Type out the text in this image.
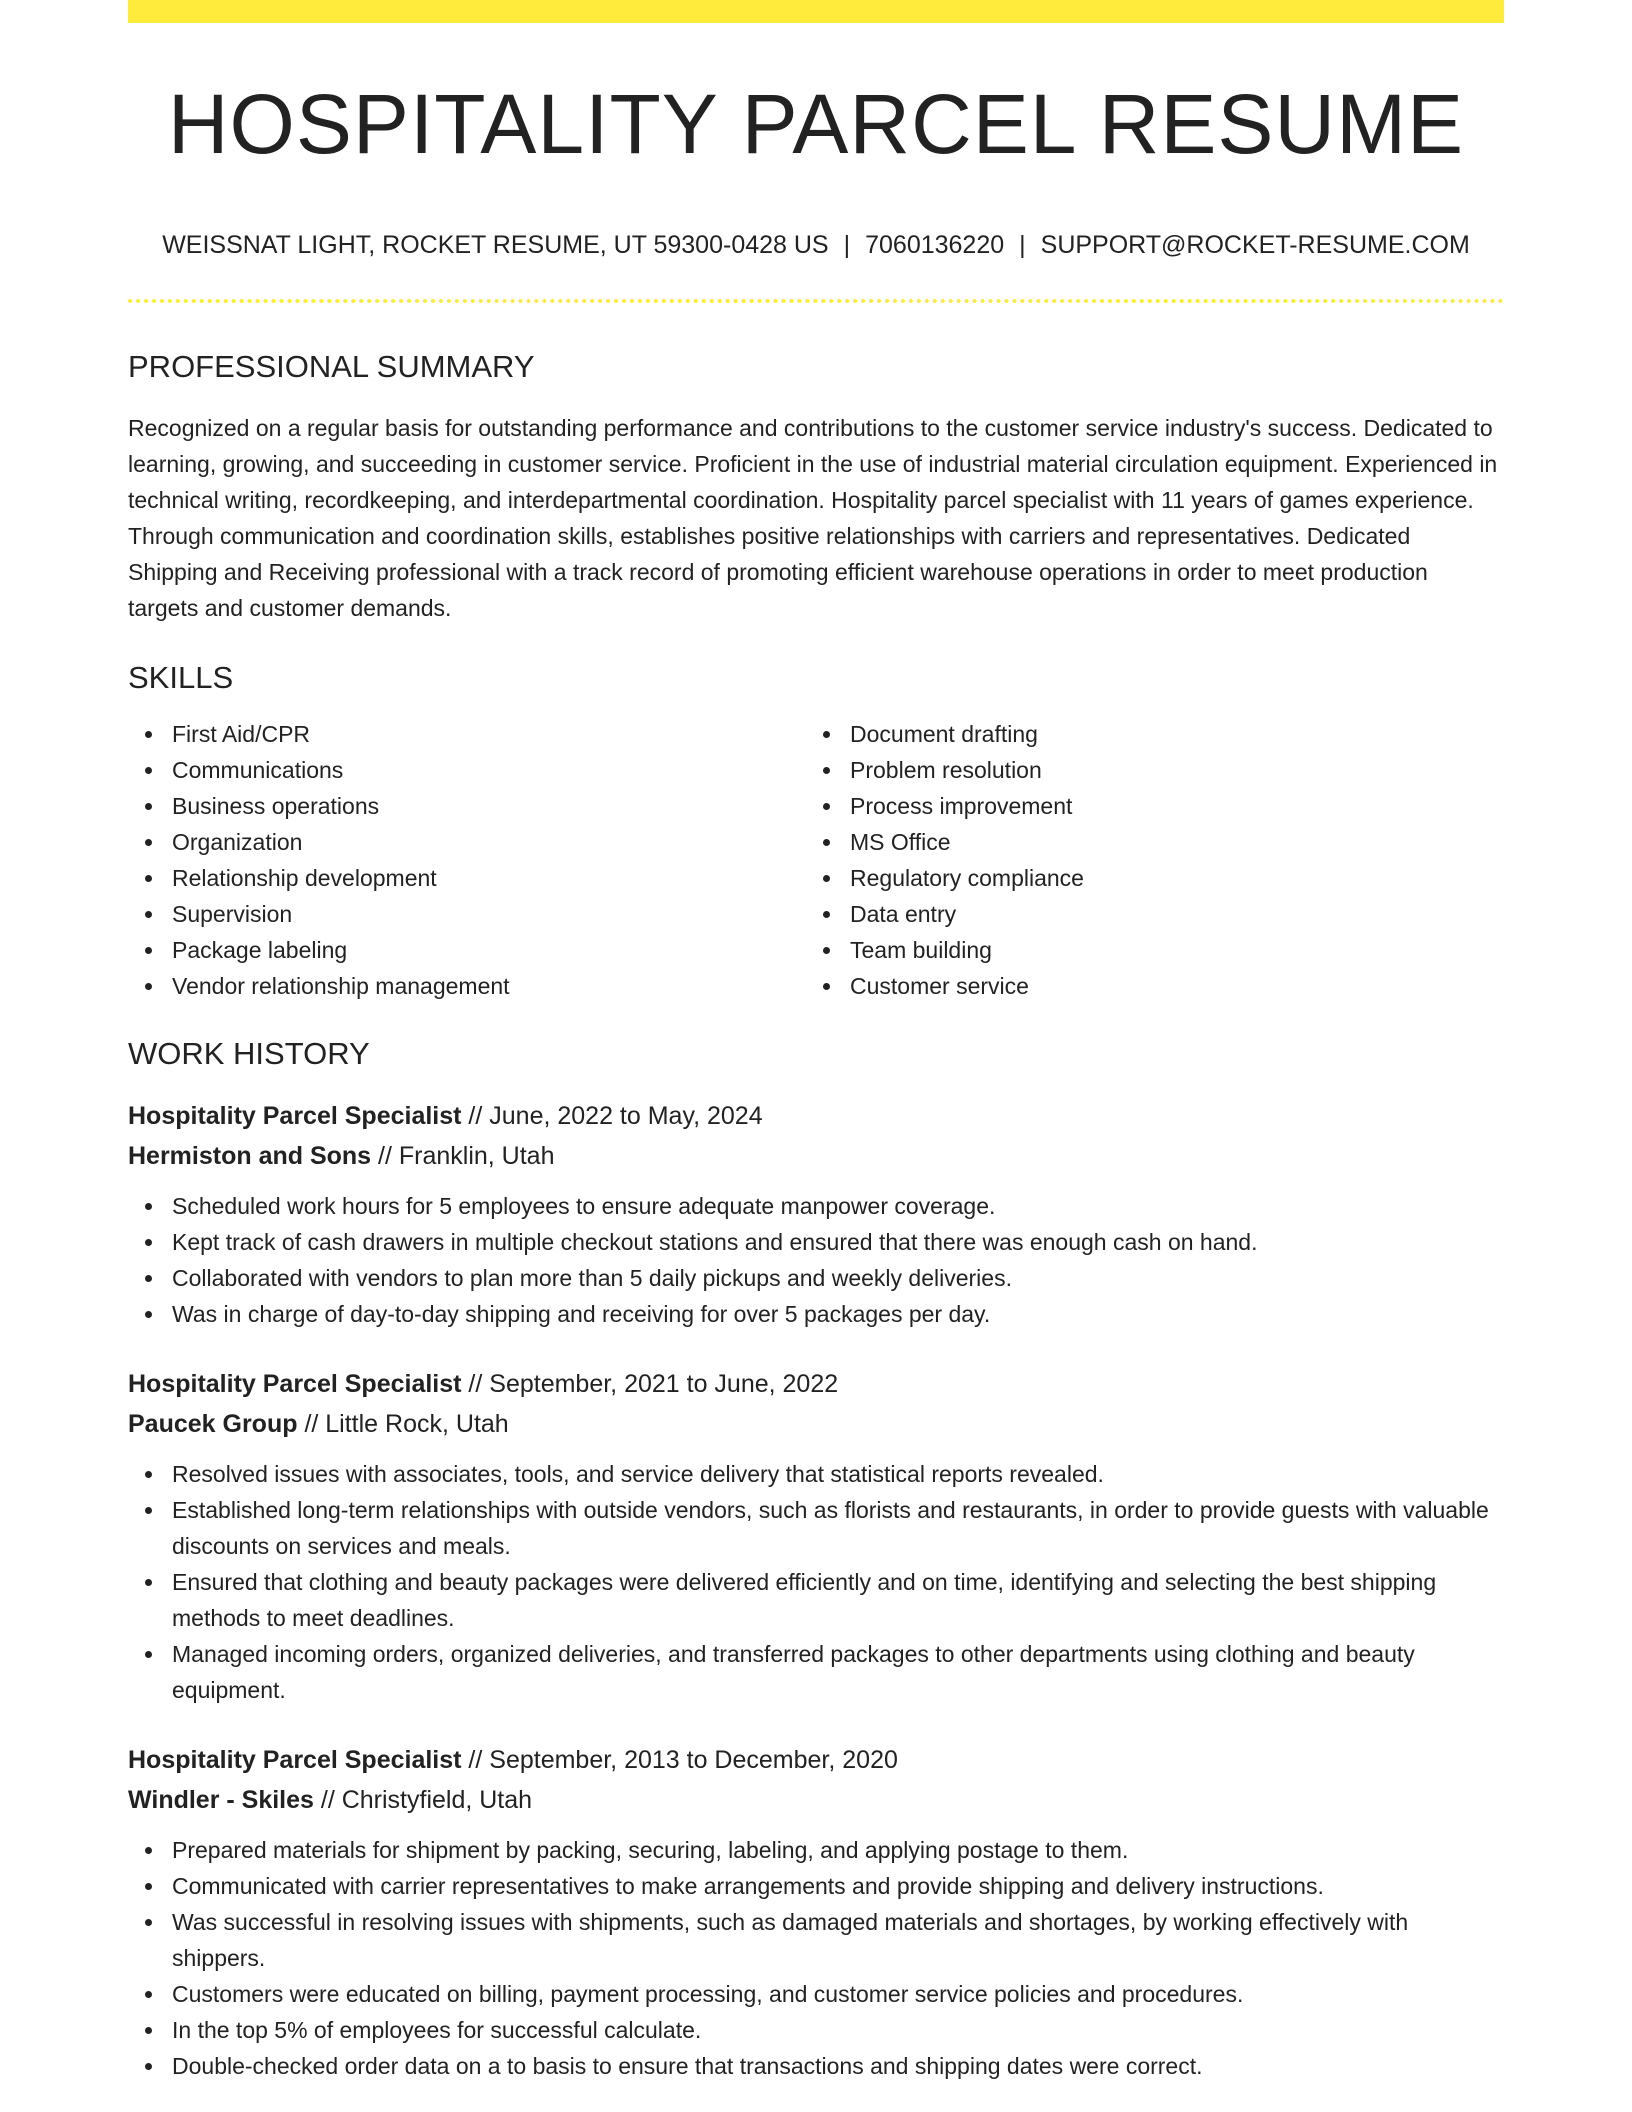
HOSPITALITY PARCEL RESUME
WEISSNAT LIGHT, ROCKET RESUME, UT 59300-0428 US | 7060136220 | SUPPORT@ROCKET-RESUME.COM
PROFESSIONAL SUMMARY

Recognized on a regular basis for outstanding performance and contributions to the customer service industry's success. Dedicated to learning, growing, and succeeding in customer service. Proficient in the use of industrial material circulation equipment. Experienced in technical writing, recordkeeping, and interdepartmental coordination. Hospitality parcel specialist with 11 years of games experience. Through communication and coordination skills, establishes positive relationships with carriers and representatives. Dedicated Shipping and Receiving professional with a track record of promoting efficient warehouse operations in order to meet production targets and customer demands.

SKILLS
First Aid/CPR
Communications
Business operations
Organization
Relationship development
Supervision
Package labeling
Vendor relationship management
Document drafting
Problem resolution
Process improvement
MS Office
Regulatory compliance
Data entry
Team building
Customer service
WORK HISTORY
Hospitality Parcel Specialist // June, 2022 to May, 2024
Hermiston and Sons // Franklin, Utah
Scheduled work hours for 5 employees to ensure adequate manpower coverage.
Kept track of cash drawers in multiple checkout stations and ensured that there was enough cash on hand.
Collaborated with vendors to plan more than 5 daily pickups and weekly deliveries.
Was in charge of day-to-day shipping and receiving for over 5 packages per day.
Hospitality Parcel Specialist // September, 2021 to June, 2022
Paucek Group // Little Rock, Utah
Resolved issues with associates, tools, and service delivery that statistical reports revealed.
Established long-term relationships with outside vendors, such as florists and restaurants, in order to provide guests with valuable discounts on services and meals.
Ensured that clothing and beauty packages were delivered efficiently and on time, identifying and selecting the best shipping methods to meet deadlines.
Managed incoming orders, organized deliveries, and transferred packages to other departments using clothing and beauty equipment.
Hospitality Parcel Specialist // September, 2013 to December, 2020
Windler - Skiles // Christyfield, Utah
Prepared materials for shipment by packing, securing, labeling, and applying postage to them.
Communicated with carrier representatives to make arrangements and provide shipping and delivery instructions.
Was successful in resolving issues with shipments, such as damaged materials and shortages, by working effectively with shippers.
Customers were educated on billing, payment processing, and customer service policies and procedures.
In the top 5% of employees for successful calculate.
Double-checked order data on a to basis to ensure that transactions and shipping dates were correct.
